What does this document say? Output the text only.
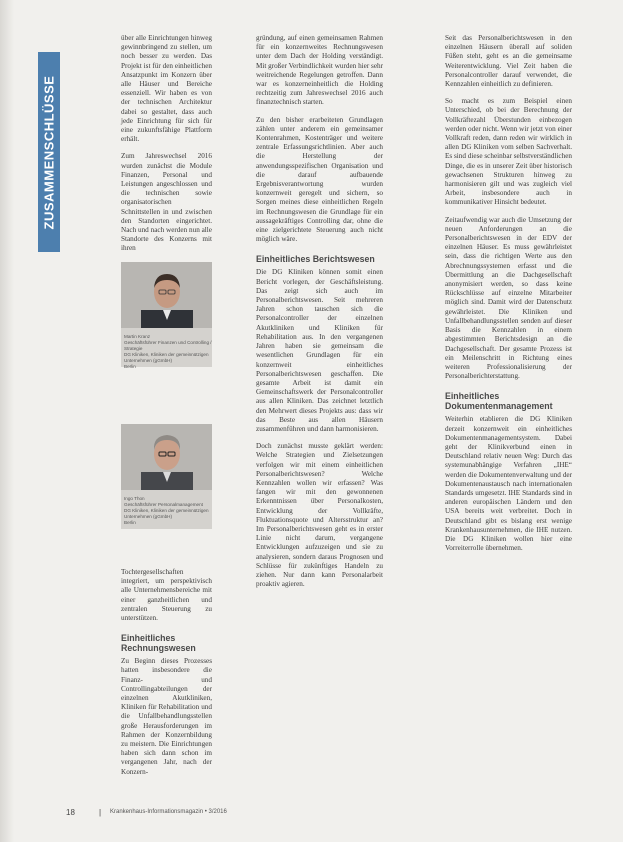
ZUSAMMENSCHLÜSSE

über alle Einrichtungen hinweg gewinnbringend zu stellen, um noch besser zu werden. Das Projekt ist für den einheitlichen Ansatzpunkt im Konzern über alle Häuser und Bereiche essenziell. Wir haben es von der technischen Architektur dabei so gestaltet, dass auch jede Einrichtung für sich für eine zukunftsfähige Plattform erhält.

Zum Jahreswechsel 2016 wurden zunächst die Module Finanzen, Personal und Leistungen angeschlossen und die technischen sowie organisatorischen Schnittstellen in und zwischen den Standorten eingerichtet. Nach und nach werden nun alle Standorte des Konzerns mit ihren

Martin Kranz
Geschäftsführer Finanzen und Controlling / Strategie
DG Kliniken, Kliniken der gemeinnützigen Unternehmen (gGmbH)
Berlin
Ingo Thon
Geschäftsführer Personalmanagement
DG Kliniken, Kliniken der gemeinnützigen Unternehmen (gGmbH)
Berlin

Tochtergesellschaften integriert, um perspektivisch alle Unternehmensbereiche mit einer ganzheitlichen und zentralen Steuerung zu unterstützen.

Einheitliches Rechnungswesen

Zu Beginn dieses Prozesses hatten insbesondere die Finanz- und Controllingabteilungen der einzelnen Akutkliniken, Kliniken für Rehabilitation und die Unfallbehandlungsstellen große Herausforderungen im Rahmen der Konzernbildung zu meistern. Die Einrichtungen haben sich dann schon im vergangenen Jahr, nach der Konzern-

gründung, auf einen gemeinsamen Rahmen für ein konzernweites Rechnungswesen unter dem Dach der Holding verständigt. Mit großer Verbindlichkeit wurden hier sehr weitreichende Regelungen getroffen. Dann war es konzerneinheitlich die Holding rechtzeitig zum Jahreswechsel 2016 auch finanztechnisch starten.

Zu den bisher erarbeiteten Grundlagen zählen unter anderem ein gemeinsamer Kontenrahmen, Kostenträger und weitere zentrale Erfassungsrichtlinien. Aber auch die Herstellung der anwendungsspezifischen Organisation und die darauf aufbauende Ergebnisverantwortung wurden konzernweit geregelt und sichern, so Sorgen meines diese einheitlichen Regeln im Rechnungswesen die Grundlage für ein aussagekräftiges Controlling dar, ohne die eine zielgerichtete Steuerung auch nicht möglich wäre.

Einheitliches Berichtswesen

Die DG Kliniken können somit einen Bericht vorlegen, der Geschäftsleistung. Das zeigt sich auch im Personalberichtswesen. Seit mehreren Jahren schon tauschen sich die Personalcontroller der einzelnen Akutkliniken und Kliniken für Rehabilitation aus. In den vergangenen Jahren haben sie gemeinsam die wesentlichen Grundlagen für ein konzernweit einheitliches Personalberichtswesen geschaffen. Die gesamte Arbeit ist damit ein Gemeinschaftswerk der Personalcontroller aus allen Kliniken. Das zeichnet letztlich den Mehrwert dieses Projekts aus: dass wir das Beste aus allen Häusern zusammenführen und dann harmonisieren.

Doch zunächst musste geklärt werden: Welche Strategien und Zielsetzungen verfolgen wir mit einem einheitlichen Personalberichtswesen? Welche Kennzahlen wollen wir erfassen? Was fangen wir mit den gewonnenen Erkenntnissen über Personalkosten, Entwicklung der Vollkräfte, Fluktuationsquote und Altersstruktur an? Im Personalberichtswesen geht es in erster Linie nicht darum, vergangene Entwicklungen aufzuzeigen und sie zu analysieren, sondern daraus Prognosen und Schlüsse für zukünftiges Handeln zu ziehen. Nur dann kann Personalarbeit proaktiv agieren.

Seit das Personalberichtswesen in den einzelnen Häusern überall auf soliden Füßen steht, geht es an die gemeinsame Weiterentwicklung. Viel Zeit haben die Personalcontroller darauf verwendet, die Kennzahlen einheitlich zu definieren.

So macht es zum Beispiel einen Unterschied, ob bei der Berechnung der Vollkräftezahl Überstunden einbezogen werden oder nicht. Wenn wir jetzt von einer Vollkraft reden, dann reden wir wirklich in allen DG Kliniken vom selben Sachverhalt. Es sind diese scheinbar selbstverständlichen Dinge, die es in unserer Zeit über historisch gewachsenen Strukturen hinweg zu harmonisieren gilt und was zugleich viel Arbeit, insbesondere auch in kommunikativer Hinsicht bedeutet.

Zeitaufwendig war auch die Umsetzung der neuen Anforderungen an die Personalberichtswesen in der EDV der einzelnen Häuser. Es muss gewährleistet sein, dass die richtigen Werte aus den Abrechnungssystemen erfasst und die Übermittlung an die Dachgesellschaft anonymisiert werden, so dass keine Rückschlüsse auf einzelne Mitarbeiter möglich sind. Damit wird der Datenschutz gewährleistet. Die Kliniken und Unfallbehandlungsstellen senden auf dieser Basis die Kennzahlen in einem abgestimmten Berichtsdesign an die Dachgesellschaft. Der gesamte Prozess ist ein Meilenschritt in Richtung eines weiteren Professionalisierung der Personalberichterstattung.

Einheitliches Dokumentenmanagement

Weiterhin etablieren die DG Kliniken derzeit konzernweit ein einheitliches Dokumentenmanagementsystem. Dabei geht der Klinikverbund einen in Deutschland relativ neuen Weg: Durch das systemunabhängige Verfahren „IHE“ werden die Dokumentenverwaltung und der Dokumentenaustausch nach internationalen Standards umgesetzt. IHE Standards sind in anderen europäischen Ländern und den USA bereits weit verbreitet. Doch in Deutschland gibt es bislang erst wenige Krankenhausunternehmen, die IHE nutzen. Die DG Kliniken wollen hier eine Vorreiterrolle übernehmen.

18	| Krankenhaus-Informationsmagazin • 3/2016
